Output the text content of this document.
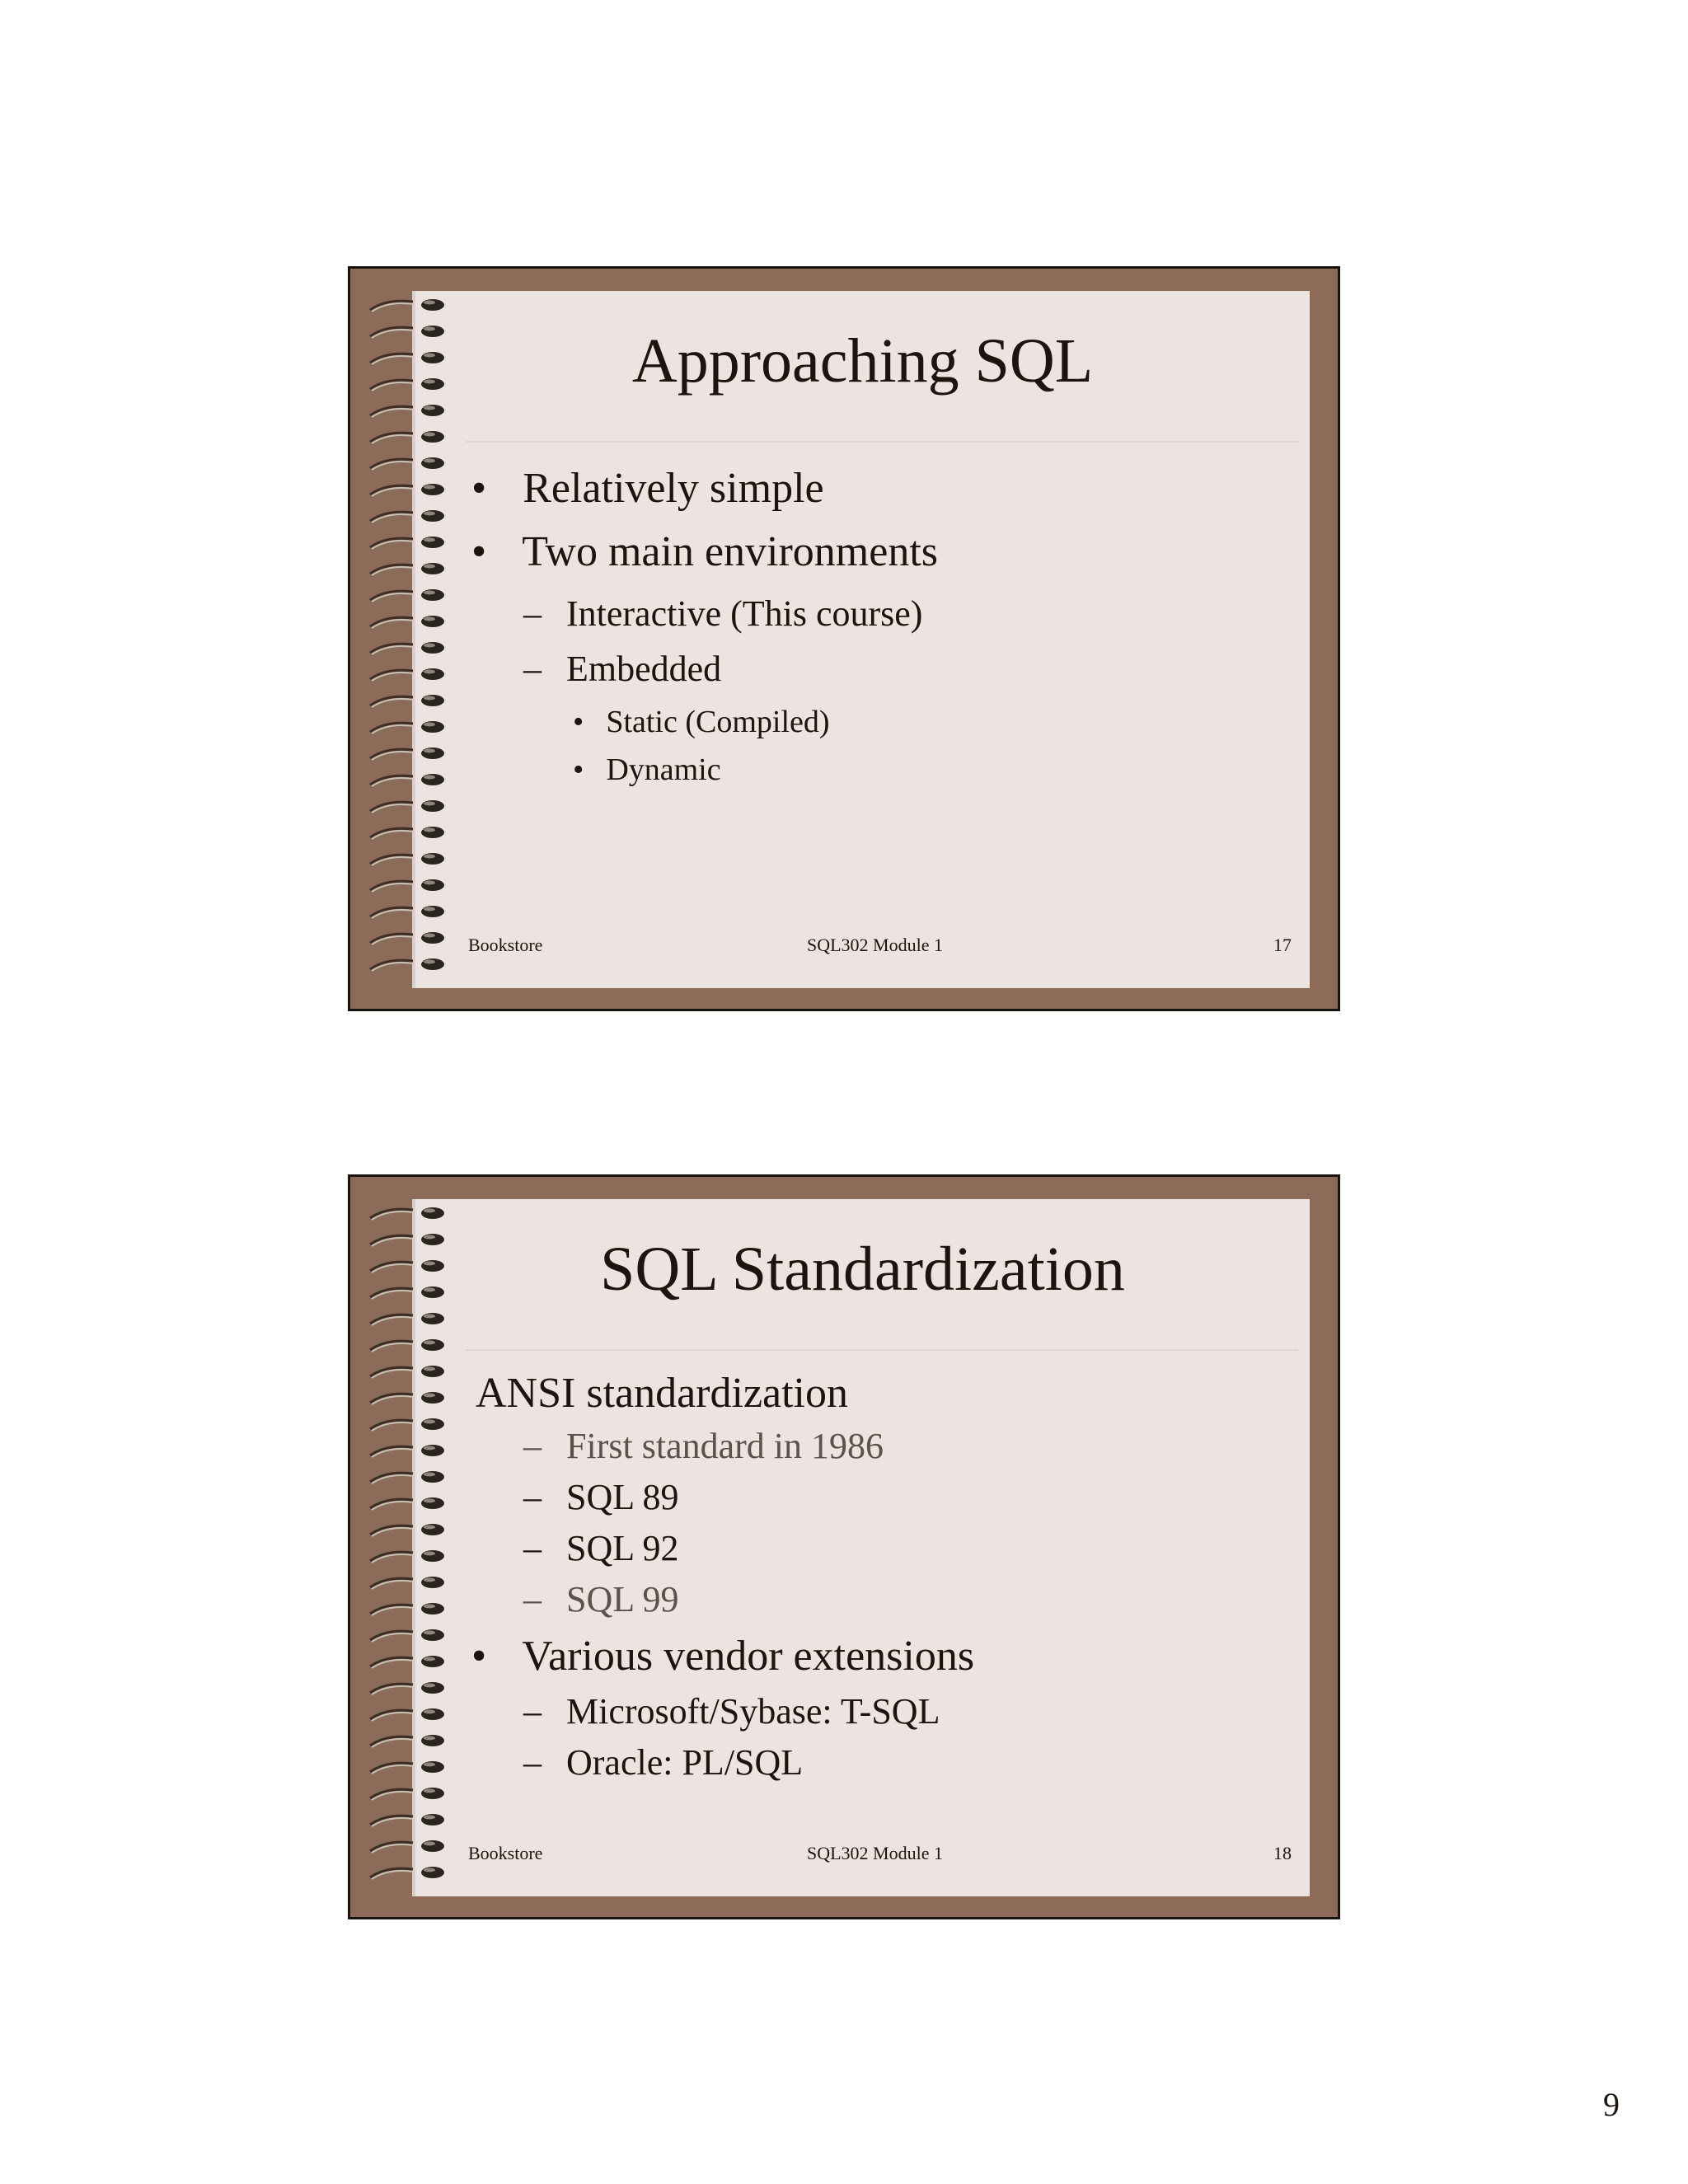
Approaching SQL
• Relatively simple
• Two main environments
– Interactive (This course)
– Embedded
• Static (Compiled)
• Dynamic
Bookstore	SQL302 Module 1	17
SQL Standardization
ANSI standardization
– First standard in 1986
– SQL 89
– SQL 92
– SQL 99
• Various vendor extensions
– Microsoft/Sybase: T-SQL
– Oracle: PL/SQL
Bookstore	SQL302 Module 1	18
9
